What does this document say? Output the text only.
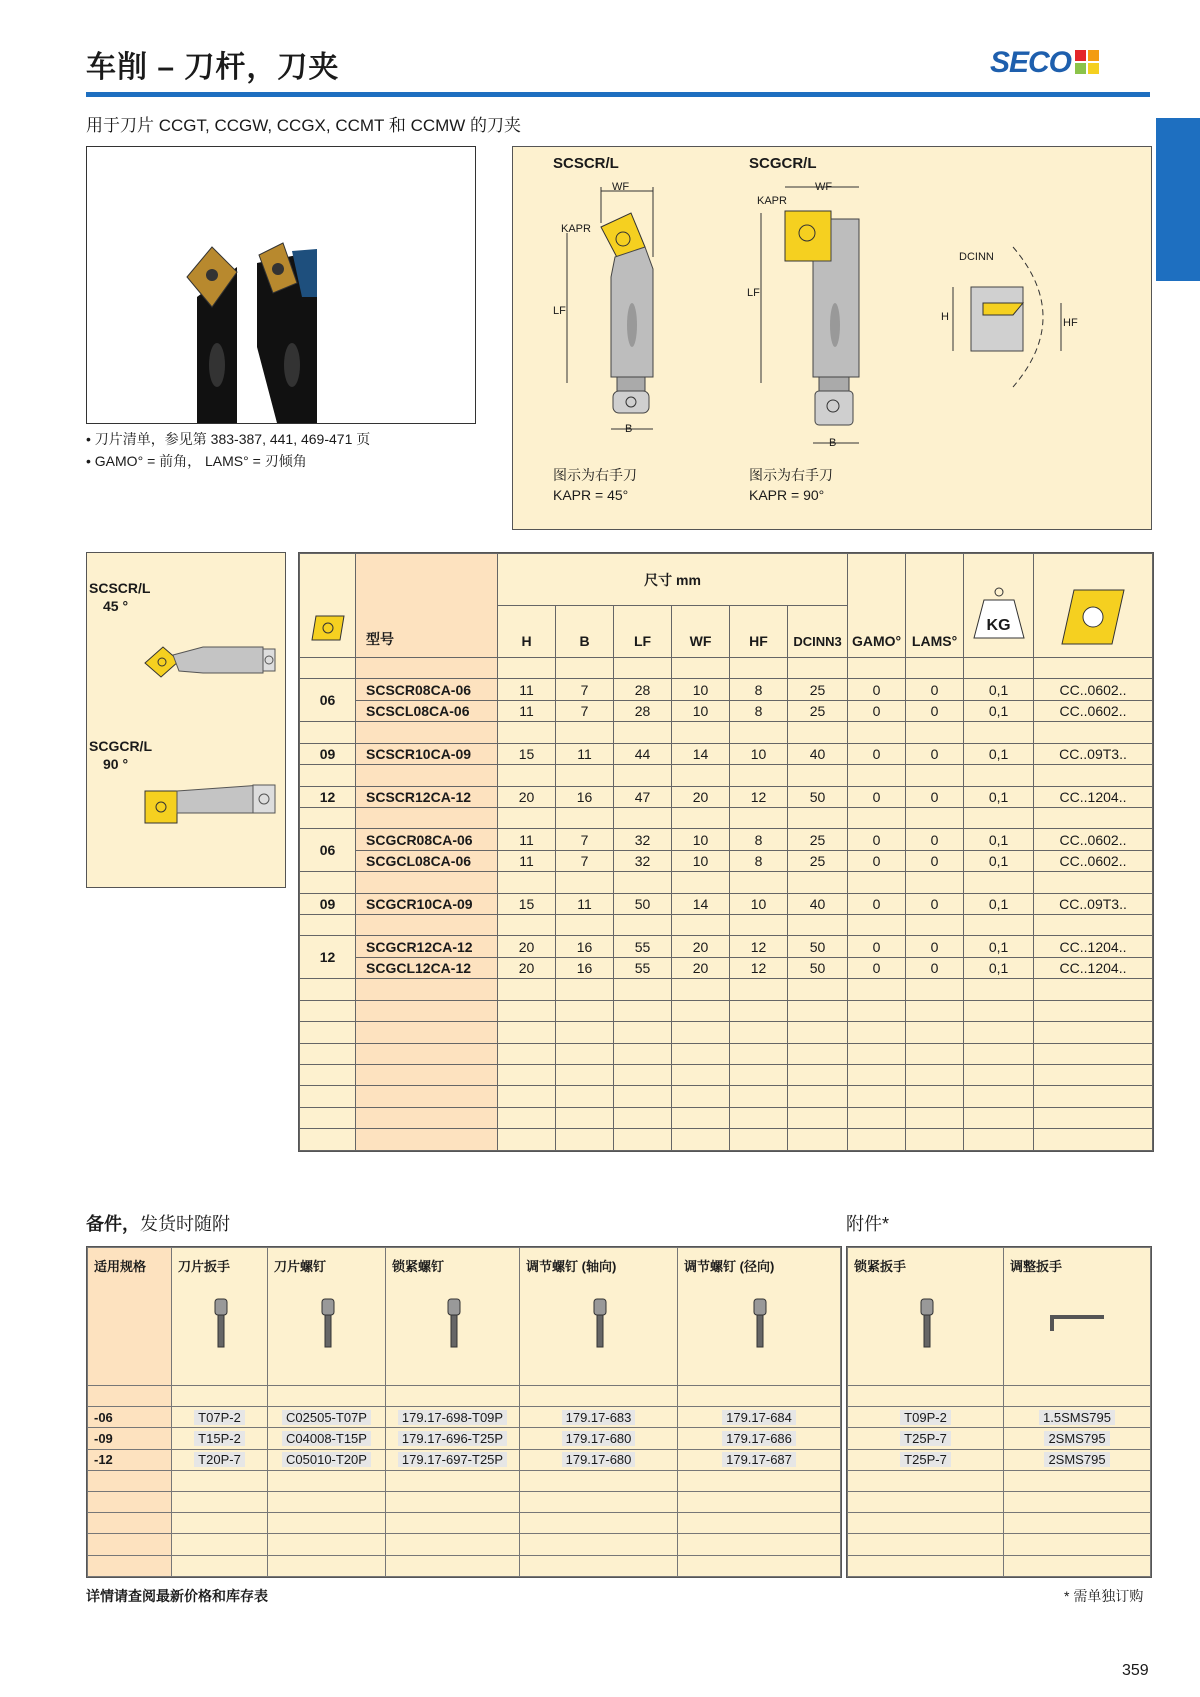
车削 – 刀杆，刀夹	SECO
用于刀片 CCGT, CCGW, CCGX, CCMT 和 CCMW 的刀夹
• 刀片清单，参见第 383-387, 441, 469-471 页
• GAMO° = 前角， LAMS° = 刃倾角
SCSCR/L	SCGCR/L
WF
KAPR
LF
B
WF
KAPR
LF
B
DCINN
H	HF
图示为右手刀
KAPR = 45°
图示为右手刀
KAPR = 90°
SCSCR/L
45 °
SCGCR/L
90 °
	型号	尺寸 mm						GAMO°	LAMS°	KG

		H	B	LF	WF	HF	DCINN3				

06	SCSCR08CA-06	11	7	28	10	8	25	0	0	0,1	CC..0602..
	SCSCL08CA-06	11	7	28	10	8	25	0	0	0,1	CC..0602..

09	SCSCR10CA-09	15	11	44	14	10	40	0	0	0,1	CC..09T3..

12	SCSCR12CA-12	20	16	47	20	12	50	0	0	0,1	CC..1204..

06	SCGCR08CA-06	11	7	32	10	8	25	0	0	0,1	CC..0602..
	SCGCL08CA-06	11	7	32	10	8	25	0	0	0,1	CC..0602..

09	SCGCR10CA-09	15	11	50	14	10	40	0	0	0,1	CC..09T3..

12	SCGCR12CA-12	20	16	55	20	12	50	0	0	0,1	CC..1204..
	SCGCL12CA-12	20	16	55	20	12	50	0	0	0,1	CC..1204..

备件，发货时随附	附件*
适用规格	刀片扳手	刀片螺钉	锁紧螺钉	调节螺钉 (轴向)	调节螺钉 (径向)

-06	T07P-2	C02505-T07P	179.17-698-T09P	179.17-683	179.17-684
-09	T15P-2	C04008-T15P	179.17-696-T25P	179.17-680	179.17-686
-12	T20P-7	C05010-T20P	179.17-697-T25P	179.17-680	179.17-687

锁紧扳手	调整扳手

T09P-2	1.5SMS795
T25P-7	2SMS795
T25P-7	2SMS795

详情请查阅最新价格和库存表	* 需单独订购
359
